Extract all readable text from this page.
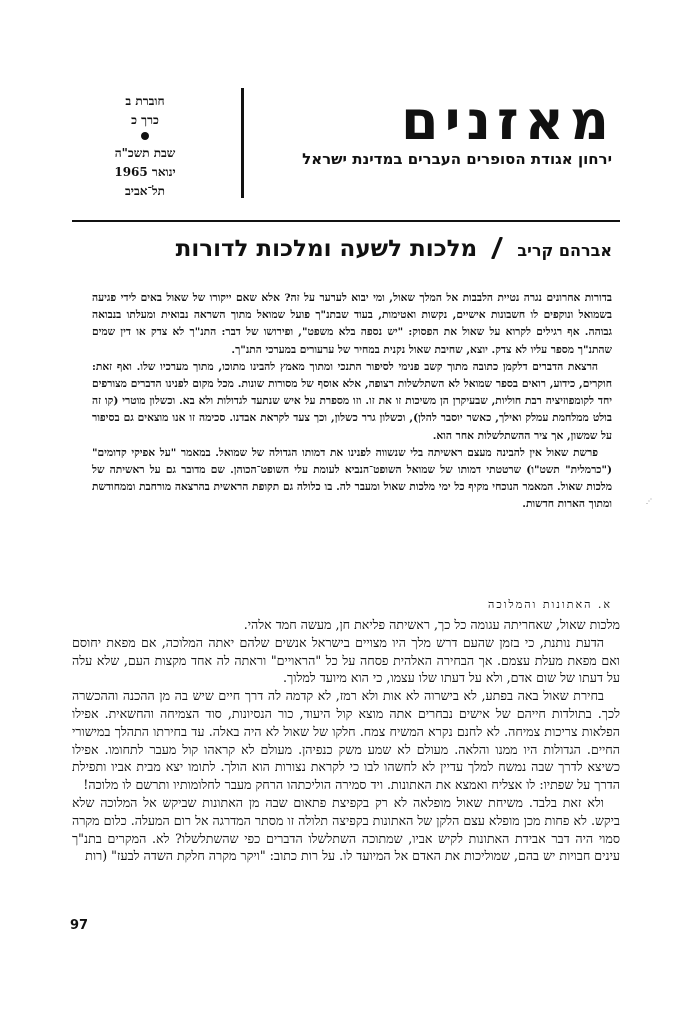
מאזנים
ירחון אגודת הסופרים העברים במדינת ישראל
חוברת ב
כרך כ
שבת תשכ"ה
ינואר 1965
תל־אביב
אברהם קריב  מלכות לשעה ומלכות לדורות

בדורות אחרונים נגרה נטיית הלבבות אל המלך שאול, ומי יבוא לערער על זה? אלא שאם ייקורו של שאול באים לידי פגיעה בשמואל ונוקפים לו חשבונות אישיים, נקשות ואטימות, בעוד שבתנ"ך פועל שמואל מתוך השראה נבואית ומעלתו בנבואה גבוהה. אף רגילים לקרוא על שאול את הפסוק: "יש נספה בלא משפט", ופירושו של דבר: התנ"ך לא צדק או דין שמים שהתנ"ך מספר עליו לא צדק. יוצא, שחיבת שאול נקנית במחיר של ערעורים במערכי התנ"ך.

הרצאת הדברים דלקמן כתובה מתוך קשב פנימי לסיפור התנכי ומתוך מאמץ להבינו מתוכו, מתוך מערכיו שלו. ואף זאת: חוקרים, כידוע, רואים בספר שמואל לא השתלשלות רצופה, אלא אוסף של מסורות שונות. מכל מקום לפנינו הדברים מצורפים יחד לקומפוזיציה רבת חוליות, שבעיקרן הן משיכות זו את זו. וזו מספרת על איש שנתעד לגדולות ולא בא. וכשלון מוטרי (קו זה בולט ממלחמת עמלק ואילך, כאשר יוסבר להלן), וכשלון גרר כשלון, וכך צעד לקראת אבדנו. סכימה זו אנו מוצאים גם בסיפור על שמשון, אך ציר ההשתלשלות אחר הוא.

פרשת שאול אין להבינה מעצם ראשיתה בלי שנשווה לפנינו את דמותו הגדולה של שמואל. במאמר "על אפיקי קדומים" ("כרמלית" תשט"ו) שרטטתי דמותו של שמואל השופט־הנביא לעומת עלי השופט־הכוהן. שם מדובר גם על ראשיתה של מלכות שאול. המאמר הנוכחי מקיף כל ימי מלכות שאול ומעבר לה. בו כלולה גם תקופת הראשית בהרצאה מורחבת וממחודשת ומתוך הארות חדשות.	⋰
א. האתונות והמלוכה

מלכות שאול, שאחריתה עגומה כל כך, ראשיתה פליאת חן, מעשה חמד אלהי.

הדעת נותנת, כי בזמן שהעם דרש מלך היו מצויים בישראל אנשים שלהם יאתה המלוכה, אם מפאת יחוסם ואם מפאת מעלת עצמם. אך הבחירה האלהית פסחה על כל "הראויים" וראתה לה אחד מקצות העם, שלא עלה על דעתו של שום אדם, ולא על דעתו שלו עצמו, כי הוא מיועד למלוך.

בחירת שאול באה בפתע, לא בישרוה לא אות ולא רמז, לא קדמה לה דרך חיים שיש בה מן ההכנה וההכשרה לכך. בתולדות חייהם של אישים נבחרים אתה מוצא קול היעוד, כור הנסיונות, סוד הצמיחה והחשאית. אפילו הפלאות צריכות צמיחה. לא לחנם נקרא המשיח צמח. חלקו של שאול לא היה באלה. עד בחירתו התהלך במישורי החיים. הגדולות היו ממנו והלאה. מעולם לא שמע משק כנפיהן. מעולם לא קראהו קול מעבר לתחומו. אפילו כשיצא לדרך שבה נמשח למלך עדיין לא לחשהו לבו כי לקראת נצורות הוא הולך. לתומו יצא מבית אביו ותפילת הדרך על שפתיו: לו אצליח ואמצא את האתונות. ויד סמירה הוליכתהו הרחק מעבר לחלומותיו ותרשם לו מלוכה!

ולא זאת בלבד. משיחת שאול מופלאה לא רק בקפיצת פתאום שבה מן האתונות שביקש אל המלוכה שלא ביקש. לא פחות מכן מופלא עצם הלקן של האתונות בקפיצה תלולה זו מסתר המדרגה אל רום המעלה. כלום מקרה סמוי היה דבר אבידת האתונות לקיש אביו, שמתוכה השתלשלו הדברים כפי שהשתלשלו? לא. המקרים בתנ"ך עינים חבויות יש בהם, שמוליכות את האדם אל המיועד לו. על רות כתוב: "ויקר מקרה חלקת השדה לבעז" (רות

97
